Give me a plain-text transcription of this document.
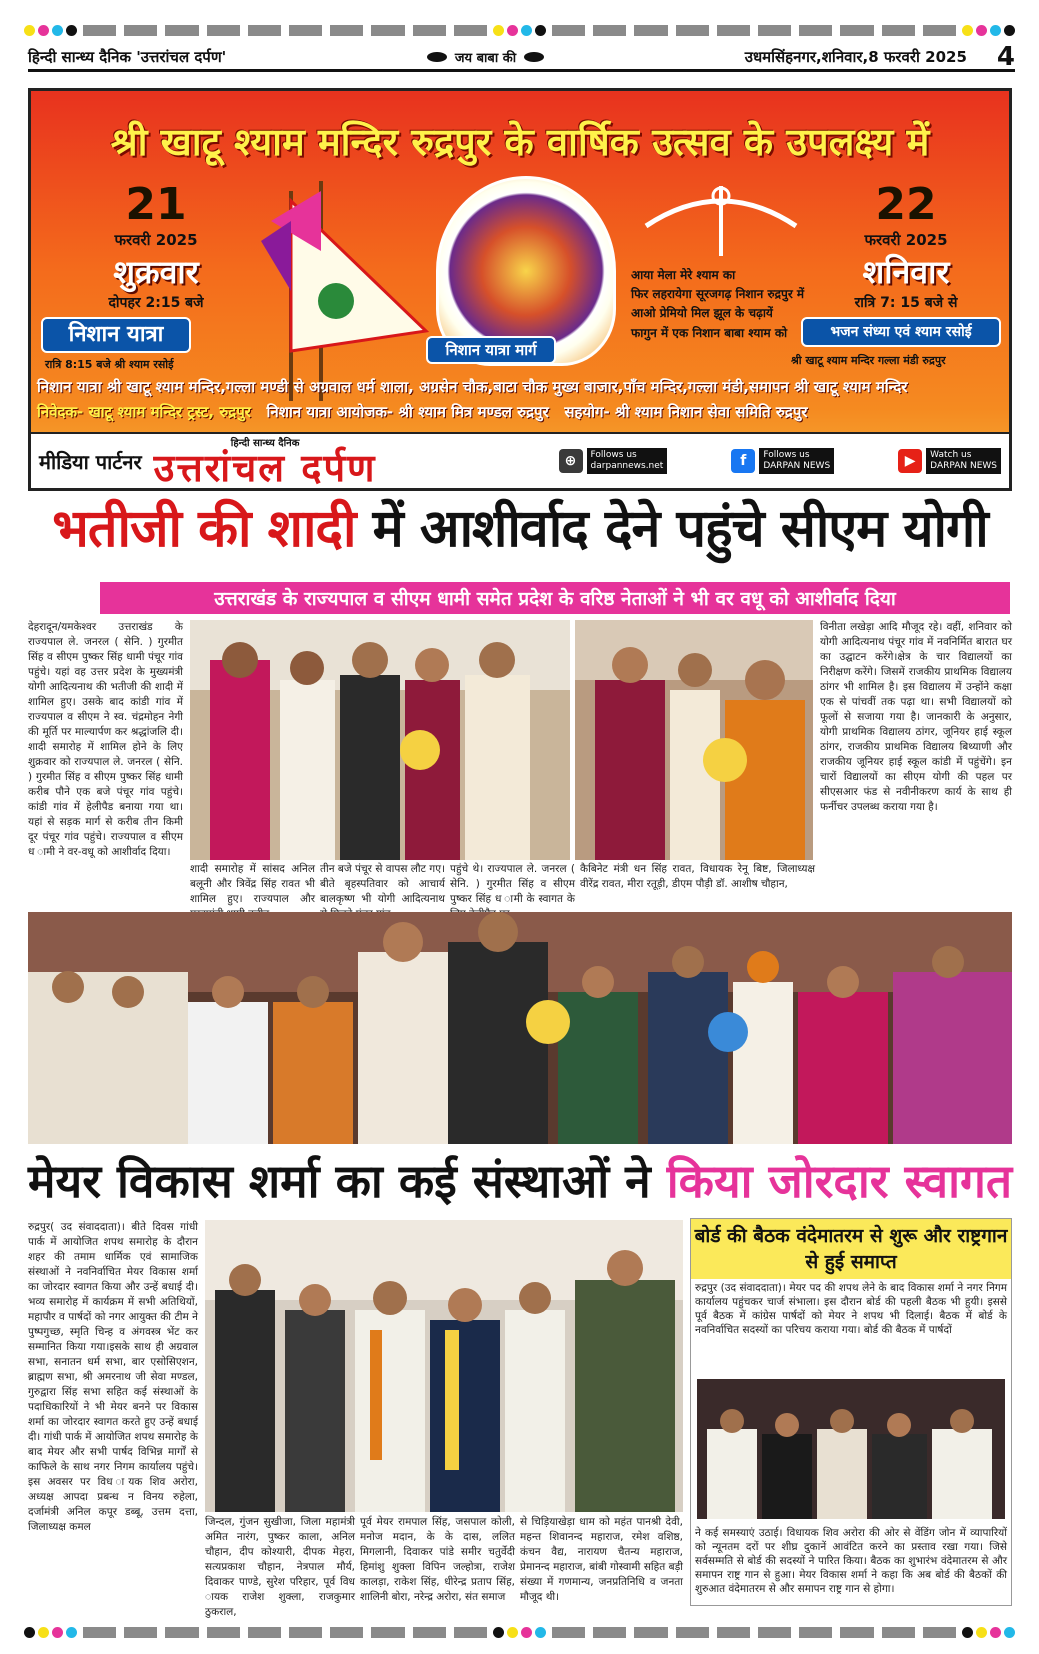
हिन्दी सान्ध्य दैनिक 'उत्तरांचल दर्पण'	जय बाबा की	उधमसिंहनगर,शनिवार,8 फरवरी 2025 4
श्री खाटू श्याम मन्दिर रुद्रपुर के वार्षिक उत्सव के उपलक्ष्य में
21
फरवरी 2025
शुक्रवार
दोपहर 2:15 बजे
निशान यात्रा
रात्रि 8:15 बजे श्री श्याम रसोई
निशान यात्रा मार्ग
आया मेला मेरे श्याम का
फिर लहरायेगा सूरजगढ़ निशान रुद्रपुर में
आओ प्रेमियो मिल झूल के चढ़ायें
फागुन में एक निशान बाबा श्याम को
22
फरवरी 2025
शनिवार
रात्रि 7: 15 बजे से
भजन संध्या एवं श्याम रसोई
श्री खाटू श्याम मन्दिर गल्ला मंडी रुद्रपुर
निशान यात्रा श्री खाटू श्याम मन्दिर,गल्ला मण्डी से अग्रवाल धर्म शाला, अग्रसेन चौक,बाटा चौक मुख्य बाजार,पाँच मन्दिर,गल्ला मंडी,समापन श्री खाटू श्याम मन्दिर
निवेदक- खाटू श्याम मन्दिर ट्रस्ट, रुद्रपुर निशान यात्रा आयोजक- श्री श्याम मित्र मण्डल रुद्रपुर सहयोग- श्री श्याम निशान सेवा समिति रुद्रपुर
मीडिया पार्टनर
हिन्दी सान्ध्य दैनिक
उत्तरांचल दर्पण	⊕	Follows us
darpannews.net	f	Follows us
DARPAN NEWS	▶	Watch us
DARPAN NEWS
भतीजी की शादी में आशीर्वाद देने पहुंचे सीएम योगी
उत्तराखंड के राज्यपाल व सीएम धामी समेत प्रदेश के वरिष्ठ नेताओं ने भी वर वधू को आशीर्वाद दिया
देहरादून/यमकेश्वर उत्तराखंड के राज्यपाल ले. जनरल ( सेनि. ) गुरमीत सिंह व सीएम पुष्कर सिंह धामी पंचूर गांव पहुंचे। यहां वह उत्तर प्रदेश के मुख्यमंत्री योगी आदित्यनाथ की भतीजी की शादी में शामिल हुए। उसके बाद कांडी गांव में राज्यपाल व सीएम ने स्व. चंद्रमोहन नेगी की मूर्ति पर माल्यार्पण कर श्रद्धांजलि दी। शादी समारोह में शामिल होने के लिए शुक्रवार को राज्यपाल ले. जनरल ( सेनि. ) गुरमीत सिंह व सीएम पुष्कर सिंह धामी करीब पौने एक बजे पंचूर गांव पहुंचे। कांडी गांव में हेलीपैड बनाया गया था। यहां से सड़क मार्ग से करीब तीन किमी दूर पंचूर गांव पहुंचे। राज्यपाल व सीएम ध ामी ने वर-वधू को आशीर्वाद दिया।
शादी समारोह में सांसद अनिल बलूनी और त्रिवेंद्र सिंह रावत भी शामिल हुए। राज्यपाल और
तीन बजे पंचूर से वापस लौट गए। बीते बृहस्पतिवार को आचार्य बालकृष्ण भी योगी आदित्यनाथ
पहुंचे थे। राज्यपाल ले. जनरल ( सेनि. ) गुरमीत सिंह व सीएम पुष्कर सिंह ध ामी के स्वागत के
कैबिनेट मंत्री धन सिंह रावत, विधायक रेनू बिष्ट, जिलाध्यक्ष वीरेंद्र रावत, मीरा रतूड़ी, डीएम पौड़ी डॉ. आशीष चौहान,
विनीता लखेड़ा आदि मौजूद रहे। वहीं, शनिवार को योगी आदित्यनाथ पंचूर गांव में नवनिर्मित बारात घर का उद्घाटन करेंगे।क्षेत्र के चार विद्यालयों का निरीक्षण करेंगे। जिसमें राजकीय प्राथमिक विद्यालय ठांगर भी शामिल है। इस विद्यालय में उन्होंने कक्षा एक से पांचवीं तक पढ़ा था। सभी विद्यालयों को फूलों से सजाया गया है। जानकारी के अनुसार, योगी प्राथमिक विद्यालय ठांगर, जूनियर हाई स्कूल ठांगर, राजकीय प्राथमिक विद्यालय बिथ्याणी और राजकीय जूनियर हाई स्कूल कांडी में पहुंचेंगे। इन चारों विद्यालयों का सीएम योगी की पहल पर सीएसआर फंड से नवीनीकरण कार्य के साथ ही फर्नीचर उपलब्ध कराया गया है।
मेयर विकास शर्मा का कई संस्थाओं ने किया जोरदार स्वागत
रुद्रपुर( उद संवाददाता)। बीते दिवस गांधी पार्क में आयोजित शपथ समारोह के दौरान शहर की तमाम धार्मिक एवं सामाजिक संस्थाओं ने नवनिर्वाचित मेयर विकास शर्मा का जोरदार स्वागत किया और उन्हें बधाई दी। भव्य समारोह में कार्यक्रम में सभी अतिथियों, महापौर व पार्षदों को नगर आयुक्त की टीम ने पुष्पगुच्छ, स्मृति चिन्ह व अंगवस्त्र भेंट कर सम्मानित किया गया।इसके साथ ही अग्रवाल सभा, सनातन धर्म सभा, बार एसोसिएशन, ब्राह्मण सभा, श्री अमरनाथ जी सेवा मण्डल, गुरुद्वारा सिंह सभा सहित कई संस्थाओं के पदाधिकारियों ने भी मेयर बनने पर विकास शर्मा का जोरदार स्वागत करते हुए उन्हें बधाई दी। गांधी पार्क में आयोजित शपथ समारोह के बाद मेयर और सभी पार्षद विभिन्न मार्गों से काफिले के साथ नगर निगम कार्यालय पहुंचे। इस अवसर पर विध ायक शिव अरोरा, अध्यक्ष आपदा प्रबन्ध न विनय रुहेला, दर्जामंत्री अनिल कपूर डब्बू, उत्तम दत्ता, जिलाध्यक्ष कमल	जिन्दल, गुंजन सुखीजा, जिला महामंत्री अमित नारंग, पुष्कर काला, अनिल चौहान, दीप कोश्यारी, दीपक मेहरा, सत्यप्रकाश चौहान, नेत्रपाल मौर्य, दिवाकर पाण्डे, सुरेश परिहार, पूर्व विध ायक राजेश शुक्ला, राजकुमार ठुकराल,
पूर्व मेयर रामपाल सिंह, जसपाल कोली, मनोज मदान, के के दास, ललित मिगलानी, दिवाकर पांडे समीर चतुर्वेदी हिमांशु शुक्ला विपिन जल्होत्रा, राजेश कालड़ा, राकेश सिंह, धीरेन्द्र प्रताप सिंह, शालिनी बोरा, नरेन्द्र अरोरा, संत समाज
से चिड़ियाखेड़ा धाम को महंत पानश्री देवी, महन्त शिवानन्द महाराज, रमेश वशिष्ठ, कंचन वैद्य, नारायण चैतन्य महाराज, प्रेमानन्द महाराज, बांबी गोस्वामी सहित बड़ी संख्या में गणमान्य, जनप्रतिनिधि व जनता मौजूद थी।
बोर्ड की बैठक वंदेमातरम से शुरू और राष्ट्रगान से हुई समाप्त
रुद्रपुर (उद संवाददाता)। मेयर पद की शपथ लेने के बाद विकास शर्मा ने नगर निगम कार्यालय पहुंचकर चार्ज संभाला। इस दौरान बोर्ड की पहली बैठक भी हुयी। इससे पूर्व बैठक में कांग्रेस पार्षदों को मेयर ने शपथ भी दिलाई। बैठक में बोर्ड के नवनिर्वाचित सदस्यों का परिचय कराया गया। बोर्ड की बैठक में पार्षदों
ने कई समस्याएं उठाई। विधायक शिव अरोरा की ओर से वेंडिंग जोन में व्यापारियों को न्यूनतम दरों पर शीघ्र दुकानें आवंटित करने का प्रस्ताव रखा गया। जिसे सर्वसम्मति से बोर्ड की सदस्यों ने पारित किया। बैठक का शुभारंभ वंदेमातरम से और समापन राष्ट्र गान से हुआ। मेयर विकास शर्मा ने कहा कि अब बोर्ड की बैठकों की शुरुआत वंदेमातरम से और समापन राष्ट्र गान से होगा।
